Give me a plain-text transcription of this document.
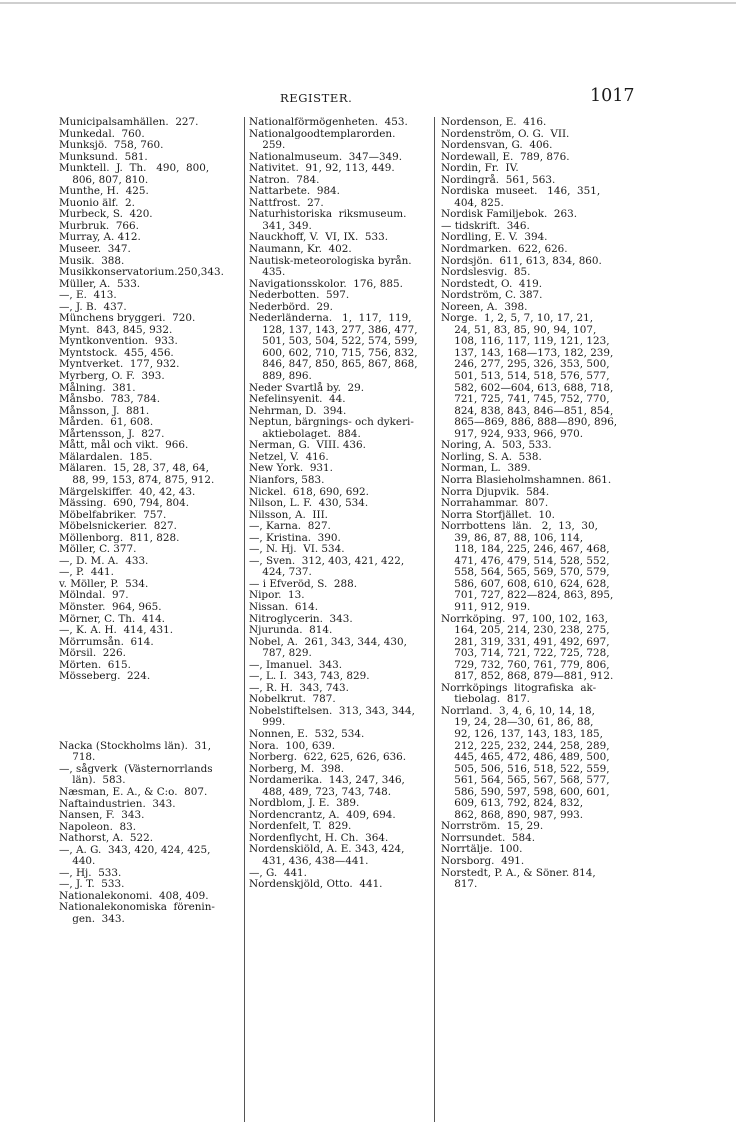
REGISTER.	1017
Municipalsamhällen.  227.
Munkedal.  760.
Munksjö.  758, 760.
Munksund.  581.
Munktell.  J.  Th.   490,  800,
806, 807, 810.
Munthe, H.  425.
Muonio älf.  2.
Murbeck, S.  420.
Murbruk.  766.
Murray, A. 412.
Museer.  347.
Musik.  388.
Musikkonservatorium.250,343.
Müller, A.  533.
—, E.  413.
—, J. B.  437.
Münchens bryggeri.  720.
Mynt.  843, 845, 932.
Myntkonvention.  933.
Myntstock.  455, 456.
Myntverket.  177, 932.
Myrberg, O. F.  393.
Målning.  381.
Månsbo.  783, 784.
Månsson, J.  881.
Mården.  61, 608.
Mårtensson, J.  827.
Mått, mål och vikt.  966.
Mälardalen.  185.
Mälaren.  15, 28, 37, 48, 64,
88, 99, 153, 874, 875, 912.
Märgelskiffer.  40, 42, 43.
Mässing.  690, 794, 804.
Möbelfabriker.  757.
Möbelsnickerier.  827.
Möllenborg.  811, 828.
Möller, C. 377.
—, D. M. A.  433.
—, P.  441.
v. Möller, P.  534.
Mölndal.  97.
Mönster.  964, 965.
Mörner, C. Th.  414.
—, K. A. H.  414, 431.
Mörrumsån.  614.
Mörsil.  226.
Mörten.  615.
Mösseberg.  224.
Nacka (Stockholms län).  31,
718.
—, sågverk  (Västernorrlands
län).  583.
Næsman, E. A., & C:o.  807.
Naftaindustrien.  343.
Nansen, F.  343.
Napoleon.  83.
Nathorst, A.  522.
—, A. G.  343, 420, 424, 425,
440.
—, Hj.  533.
—, J. T.  533.
Nationalekonomi.  408, 409.
Nationalekonomiska  förenin-
gen.  343.
Nationalförmögenheten.  453.
Nationalgoodtemplarorden.
259.
Nationalmuseum.  347—349.
Nativitet.  91, 92, 113, 449.
Natron.  784.
Nattarbete.  984.
Nattfrost.  27.
Naturhistoriska  riksmuseum.
341, 349.
Nauckhoff, V.  VI, IX.  533.
Naumann, Kr.  402.
Nautisk-meteorologiska byrån.
435.
Navigationsskolor.  176, 885.
Nederbotten.  597.
Nederbörd.  29.
Nederländerna.   1,  117,  119,
128, 137, 143, 277, 386, 477,
501, 503, 504, 522, 574, 599,
600, 602, 710, 715, 756, 832,
846, 847, 850, 865, 867, 868,
889, 896.
Neder Svartlå by.  29.
Nefelinsyenit.  44.
Nehrman, D.  394.
Neptun, bärgnings- och dykeri-
aktiebolaget.  884.
Nerman, G.  VIII. 436.
Netzel, V.  416.
New York.  931.
Nianfors, 583.
Nickel.  618, 690, 692.
Nilson, L. F.  430, 534.
Nilsson, A.  III.
—, Karna.  827.
—, Kristina.  390.
—, N. Hj.  VI. 534.
—, Sven.  312, 403, 421, 422,
424, 737.
— i Efveröd, S.  288.
Nipor.  13.
Nissan.  614.
Nitroglycerin.  343.
Njurunda.  814.
Nobel, A.  261, 343, 344, 430,
787, 829.
—, Imanuel.  343.
—, L. I.  343, 743, 829.
—, R. H.  343, 743.
Nobelkrut.  787.
Nobelstiftelsen.  313, 343, 344,
999.
Nonnen, E.  532, 534.
Nora.  100, 639.
Norberg.  622, 625, 626, 636.
Norberg, M.  398.
Nordamerika.  143, 247, 346,
488, 489, 723, 743, 748.
Nordblom, J. E.  389.
Nordencrantz, A.  409, 694.
Nordenfelt, T.  829.
Nordenflycht, H. Ch.  364.
Nordenskiöld, A. E. 343, 424,
431, 436, 438—441.
—, G.  441.
Nordenskjöld, Otto.  441.
Nordenson, E.  416.
Nordenström, O. G.  VII.
Nordensvan, G.  406.
Nordewall, E.  789, 876.
Nordin, Fr.  IV.
Nordingrå.  561, 563.
Nordiska  museet.   146,  351,
404, 825.
Nordisk Familjebok.  263.
— tidskrift.  346.
Nordling, E. V.  394.
Nordmarken.  622, 626.
Nordsjön.  611, 613, 834, 860.
Nordslesvig.  85.
Nordstedt, O.  419.
Nordström, C. 387.
Noreen, A.  398.
Norge.  1, 2, 5, 7, 10, 17, 21,
24, 51, 83, 85, 90, 94, 107,
108, 116, 117, 119, 121, 123,
137, 143, 168—173, 182, 239,
246, 277, 295, 326, 353, 500,
501, 513, 514, 518, 576, 577,
582, 602—604, 613, 688, 718,
721, 725, 741, 745, 752, 770,
824, 838, 843, 846—851, 854,
865—869, 886, 888—890, 896,
917, 924, 933, 966, 970.
Noring, A.  503, 533.
Norling, S. A.  538.
Norman, L.  389.
Norra Blasieholmshamnen. 861.
Norra Djupvik.  584.
Norrahammar.  807.
Norra Storfjället.  10.
Norrbottens  län.   2,  13,  30,
39, 86, 87, 88, 106, 114,
118, 184, 225, 246, 467, 468,
471, 476, 479, 514, 528, 552,
558, 564, 565, 569, 570, 579,
586, 607, 608, 610, 624, 628,
701, 727, 822—824, 863, 895,
911, 912, 919.
Norrköping.  97, 100, 102, 163,
164, 205, 214, 230, 238, 275,
281, 319, 331, 491, 492, 697,
703, 714, 721, 722, 725, 728,
729, 732, 760, 761, 779, 806,
817, 852, 868, 879—881, 912.
Norrköpings  litografiska  ak-
tiebolag.  817.
Norrland.  3, 4, 6, 10, 14, 18,
19, 24, 28—30, 61, 86, 88,
92, 126, 137, 143, 183, 185,
212, 225, 232, 244, 258, 289,
445, 465, 472, 486, 489, 500,
505, 506, 516, 518, 522, 559,
561, 564, 565, 567, 568, 577,
586, 590, 597, 598, 600, 601,
609, 613, 792, 824, 832,
862, 868, 890, 987, 993.
Norrström.  15, 29.
Norrsundet.  584.
Norrtälje.  100.
Norsborg.  491.
Norstedt, P. A., & Söner. 814,
817.
